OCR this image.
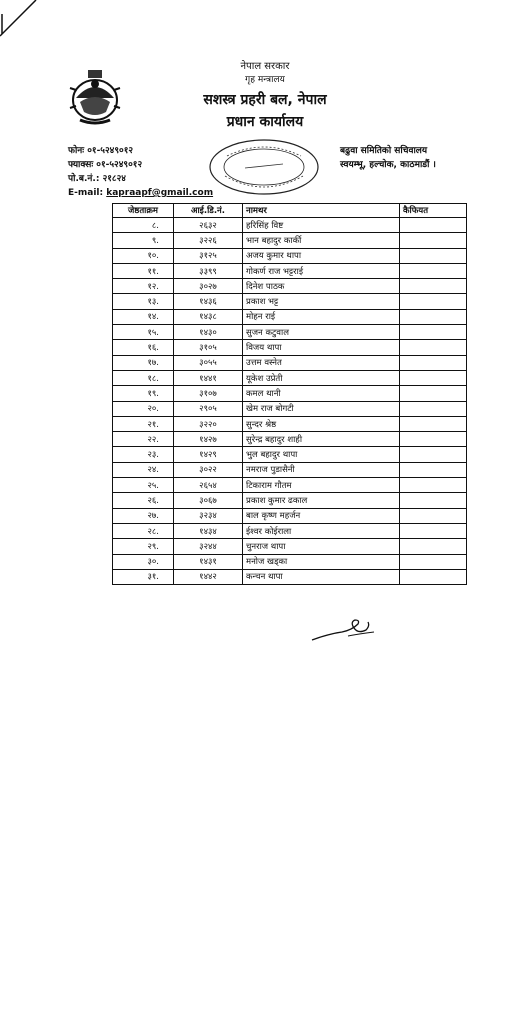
नेपाल सरकार
गृह मन्त्रालय
सशस्त्र प्रहरी बल, नेपाल
प्रधान कार्यालय
फोनः ०१-५२४९०१२
फ्याक्सः ०१-५२४९०१२
पो.ब.नं.: २१८२४
E-mail: kapraapf@gmail.com
बढुवा समितिको सचिवालय
स्वयम्भू, हल्चोक, काठमाडौं ।
जेष्ठताक्रम	आई.डि.नं.	नामथर	कैफियत
८.	२६३२	हरिसिंह विष्ट	
९.	३२२६	भान बहादुर कार्की	
१०.	३१२५	अजय कुमार थापा	
११.	३३९९	गोकर्ण राज भट्टराई	
१२.	३०२७	दिनेश पाठक	
१३.	१४३६	प्रकाश भट्ट	
१४.	१४३८	मोहन राई	
१५.	१४३०	सुजन कटुवाल	
१६.	३१०५	विजय थापा	
१७.	३०५५	उत्तम वस्नेत	
१८.	१४४१	यूकेश उप्रेती	
१९.	३१०७	कमल थानी	
२०.	२९०५	खेम राज बोगटी	
२१.	३२२०	सुन्दर श्रेष्ठ	
२२.	१४२७	सुरेन्द्र बहादुर शाही	
२३.	१४२९	भुल बहादुर थापा	
२४.	३०२२	नमराज पुडासैनी	
२५.	२६५४	टिकाराम गौतम	
२६.	३०६७	प्रकाश कुमार ढकाल	
२७.	३२३४	बाल कृष्ण महर्जन	
२८.	१४३४	ईश्वर कोईराला	
२९.	३२४४	चुनराज थापा	
३०.	१४३१	मनोज खड्का	
३१.	१४४२	कन्चन थापा	
